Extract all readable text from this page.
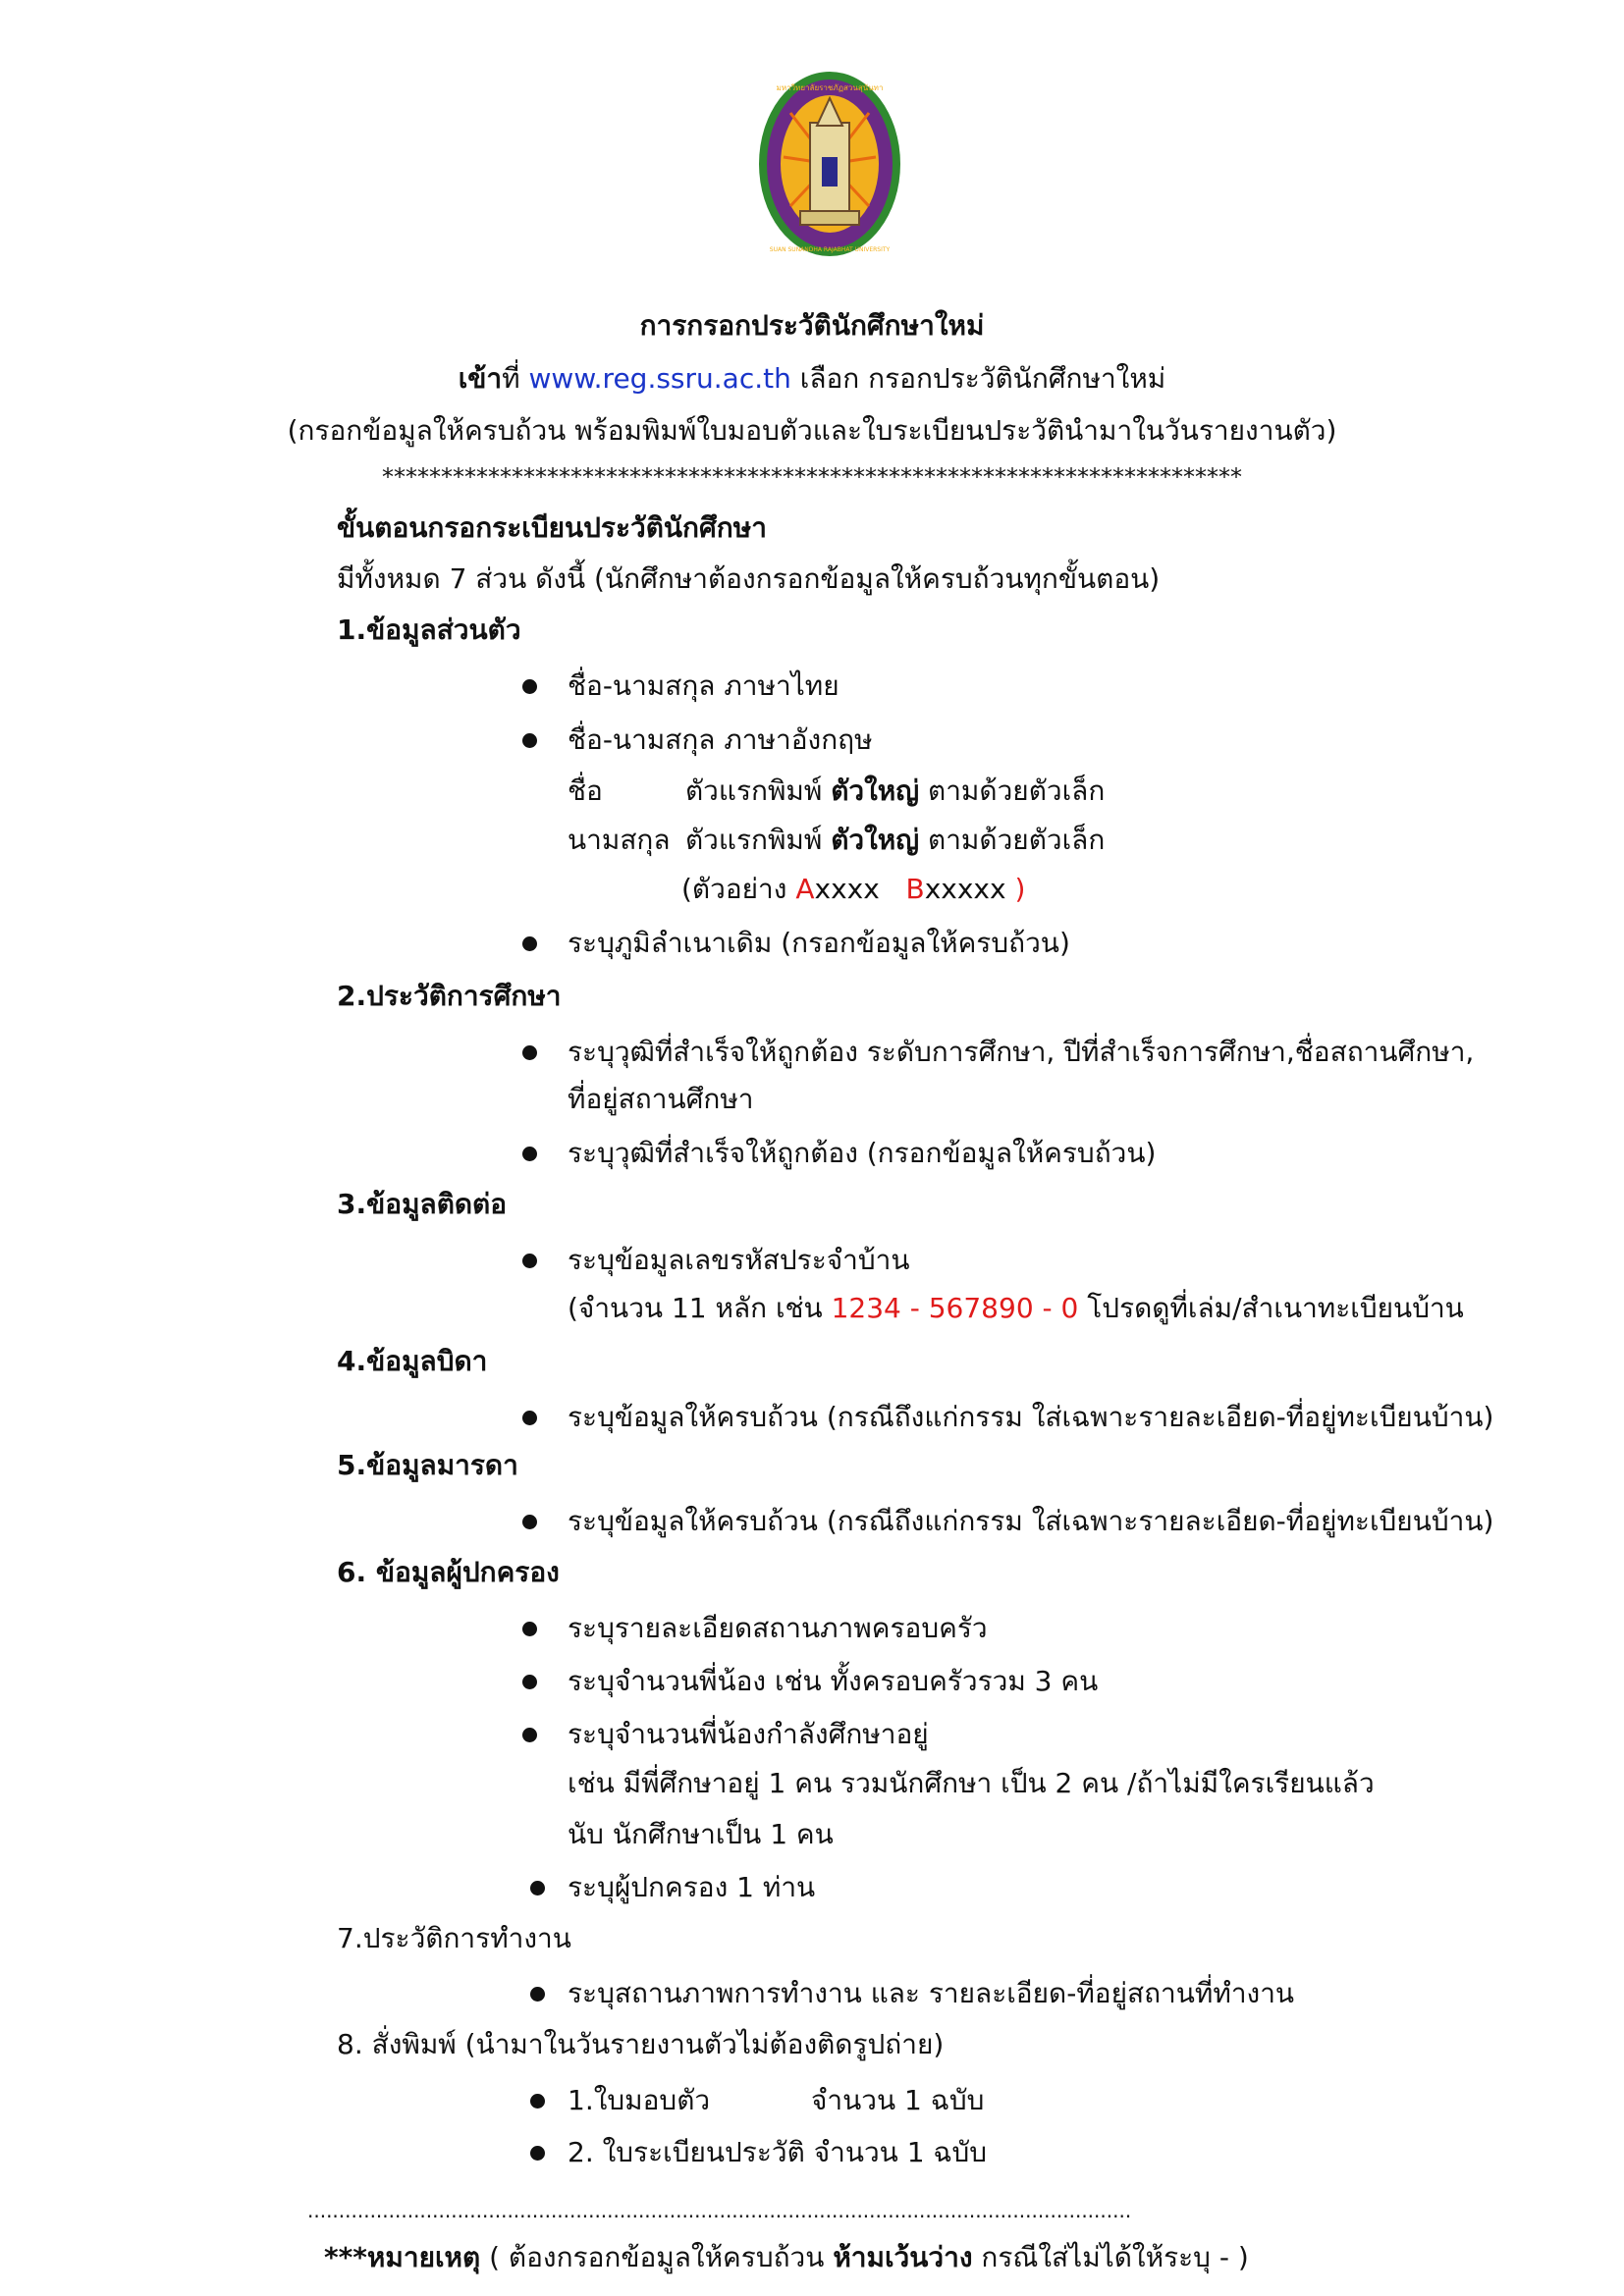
มหาวิทยาลัยราชภัฏสวนสุนันทา
SUAN SUNANDHA RAJABHAT UNIVERSITY
การกรอกประวัตินักศึกษาใหม่
เข้าที่ www.reg.ssru.ac.th เลือก กรอกประวัตินักศึกษาใหม่
(กรอกข้อมูลให้ครบถ้วน พร้อมพิมพ์ใบมอบตัวและใบระเบียนประวัตินำมาในวันรายงานตัว)
*************************************************************************
ขั้นตอนกรอกระเบียนประวัตินักศึกษา
มีทั้งหมด 7 ส่วน ดังนี้ (นักศึกษาต้องกรอกข้อมูลให้ครบถ้วนทุกขั้นตอน)
1.ข้อมูลส่วนตัว
ชื่อ-นามสกุล ภาษาไทย
ชื่อ-นามสกุล ภาษาอังกฤษ
ชื่อ	ตัวแรกพิมพ์ ตัวใหญ่ ตามด้วยตัวเล็ก
นามสกุล ตัวแรกพิมพ์ ตัวใหญ่ ตามด้วยตัวเล็ก
(ตัวอย่าง Axxxx Bxxxxx )
ระบุภูมิลำเนาเดิม (กรอกข้อมูลให้ครบถ้วน)
2.ประวัติการศึกษา
ระบุวุฒิที่สำเร็จให้ถูกต้อง ระดับการศึกษา, ปีที่สำเร็จการศึกษา,ชื่อสถานศึกษา,
ที่อยู่สถานศึกษา
ระบุวุฒิที่สำเร็จให้ถูกต้อง (กรอกข้อมูลให้ครบถ้วน)
3.ข้อมูลติดต่อ
ระบุข้อมูลเลขรหัสประจำบ้าน
(จำนวน 11 หลัก เช่น 1234 - 567890 - 0 โปรดดูที่เล่ม/สำเนาทะเบียนบ้าน
4.ข้อมูลบิดา
ระบุข้อมูลให้ครบถ้วน (กรณีถึงแก่กรรม ใส่เฉพาะรายละเอียด-ที่อยู่ทะเบียนบ้าน)
5.ข้อมูลมารดา
ระบุข้อมูลให้ครบถ้วน (กรณีถึงแก่กรรม ใส่เฉพาะรายละเอียด-ที่อยู่ทะเบียนบ้าน)
6. ข้อมูลผู้ปกครอง
ระบุรายละเอียดสถานภาพครอบครัว
ระบุจำนวนพี่น้อง เช่น ทั้งครอบครัวรวม 3 คน
ระบุจำนวนพี่น้องกำลังศึกษาอยู่
เช่น มีพี่ศึกษาอยู่ 1 คน รวมนักศึกษา เป็น 2 คน /ถ้าไม่มีใครเรียนแล้ว
นับ นักศึกษาเป็น 1 คน
ระบุผู้ปกครอง 1 ท่าน
7.ประวัติการทำงาน
ระบุสถานภาพการทำงาน และ รายละเอียด-ที่อยู่สถานที่ทำงาน
8. สั่งพิมพ์ (นำมาในวันรายงานตัวไม่ต้องติดรูปถ่าย)
1.ใบมอบตัว	จำนวน 1 ฉบับ
2. ใบระเบียนประวัติ จำนวน 1 ฉบับ
....................................................................................................................................
***หมายเหตุ ( ต้องกรอกข้อมูลให้ครบถ้วน ห้ามเว้นว่าง กรณีใส่ไม่ได้ให้ระบุ - )
